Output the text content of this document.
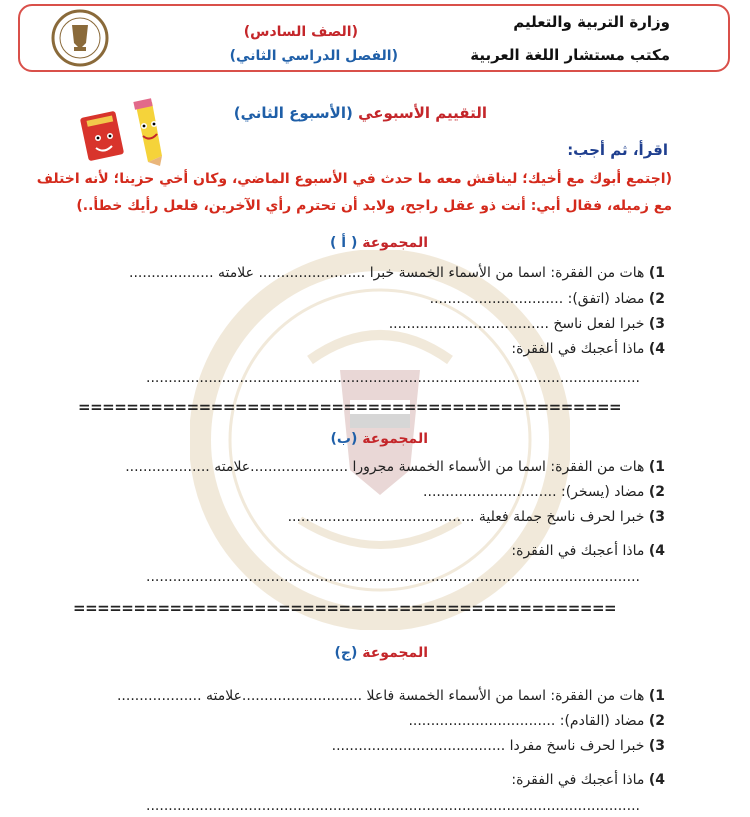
وزارة التربية والتعليم
مكتب مستشار اللغة العربية
(الصف السادس)
(الفصل الدراسي الثاني)
التقييم الأسبوعي (الأسبوع الثاني)
اقرأ، ثم أجب:
(اجتمع أبوك مع أخيك؛ ليناقش معه ما حدث في الأسبوع الماضي، وكان أخي حزينا؛ لأنه اختلف
مع زميله، فقال أبي: أنت ذو عقل راجح، ولابد أن تحترم رأي الآخرين، فلعل رأيك خطأ..)
المجموعة ( أ )
1) هات من الفقرة: اسما من الأسماء الخمسة خبرا ........................ علامته ...................
2) مضاد (اتفق): ..............................
3) خبرا لفعل ناسخ ....................................
4) ماذا أعجبك في الفقرة:
...............................................................................................................
=============================================
المجموعة (ب)
1) هات من الفقرة: اسما من الأسماء الخمسة مجرورا ......................علامته ...................
2) مضاد (يسخر): ..............................
3) خبرا لحرف ناسخ جملة فعلية ..........................................
4) ماذا أعجبك في الفقرة:
...............................................................................................................
=============================================
المجموعة (ج)
1) هات من الفقرة: اسما من الأسماء الخمسة فاعلا ...........................علامته ...................
2) مضاد (القادم): .................................
3) خبرا لحرف ناسخ مفردا .......................................
4) ماذا أعجبك في الفقرة:
...............................................................................................................
